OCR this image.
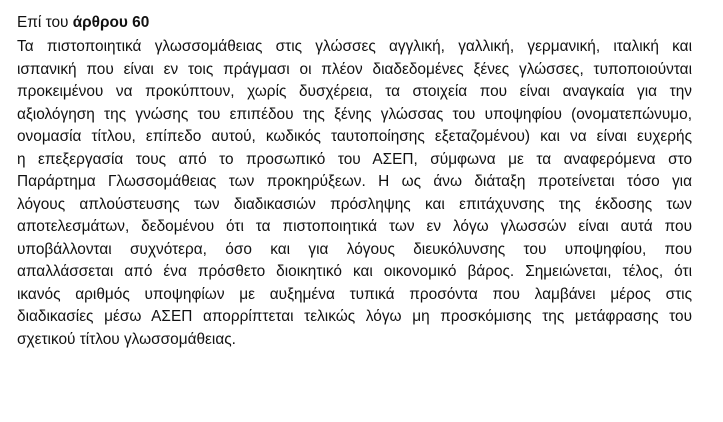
Επί του άρθρου 60
Τα πιστοποιητικά γλωσσομάθειας στις γλώσσες αγγλική, γαλλική, γερμανική, ιταλική και
ισπανική που είναι εν τοις πράγμασι οι πλέον διαδεδομένες ξένες γλώσσες, τυποποιούνται
προκειμένου να προκύπτουν, χωρίς δυσχέρεια, τα στοιχεία που είναι αναγκαία για την
αξιολόγηση της γνώσης του επιπέδου της ξένης γλώσσας του υποψηφίου (ονοματεπώνυμο,
ονομασία τίτλου, επίπεδο αυτού, κωδικός ταυτοποίησης εξεταζομένου) και να είναι ευχερής
η επεξεργασία τους από το προσωπικό του ΑΣΕΠ, σύμφωνα με τα αναφερόμενα στο
Παράρτημα Γλωσσομάθειας των προκηρύξεων. Η ως άνω διάταξη προτείνεται τόσο για
λόγους απλούστευσης των διαδικασιών πρόσληψης και επιτάχυνσης της έκδοσης των
αποτελεσμάτων, δεδομένου ότι τα πιστοποιητικά των εν λόγω γλωσσών είναι αυτά που
υποβάλλονται συχνότερα, όσο και για λόγους διευκόλυνσης του υποψηφίου, που
απαλλάσσεται από ένα πρόσθετο διοικητικό και οικονομικό βάρος. Σημειώνεται, τέλος, ότι
ικανός αριθμός υποψηφίων με αυξημένα τυπικά προσόντα που λαμβάνει μέρος στις
διαδικασίες μέσω ΑΣΕΠ απορρίπτεται τελικώς λόγω μη προσκόμισης της μετάφρασης του
σχετικού τίτλου γλωσσομάθειας.
